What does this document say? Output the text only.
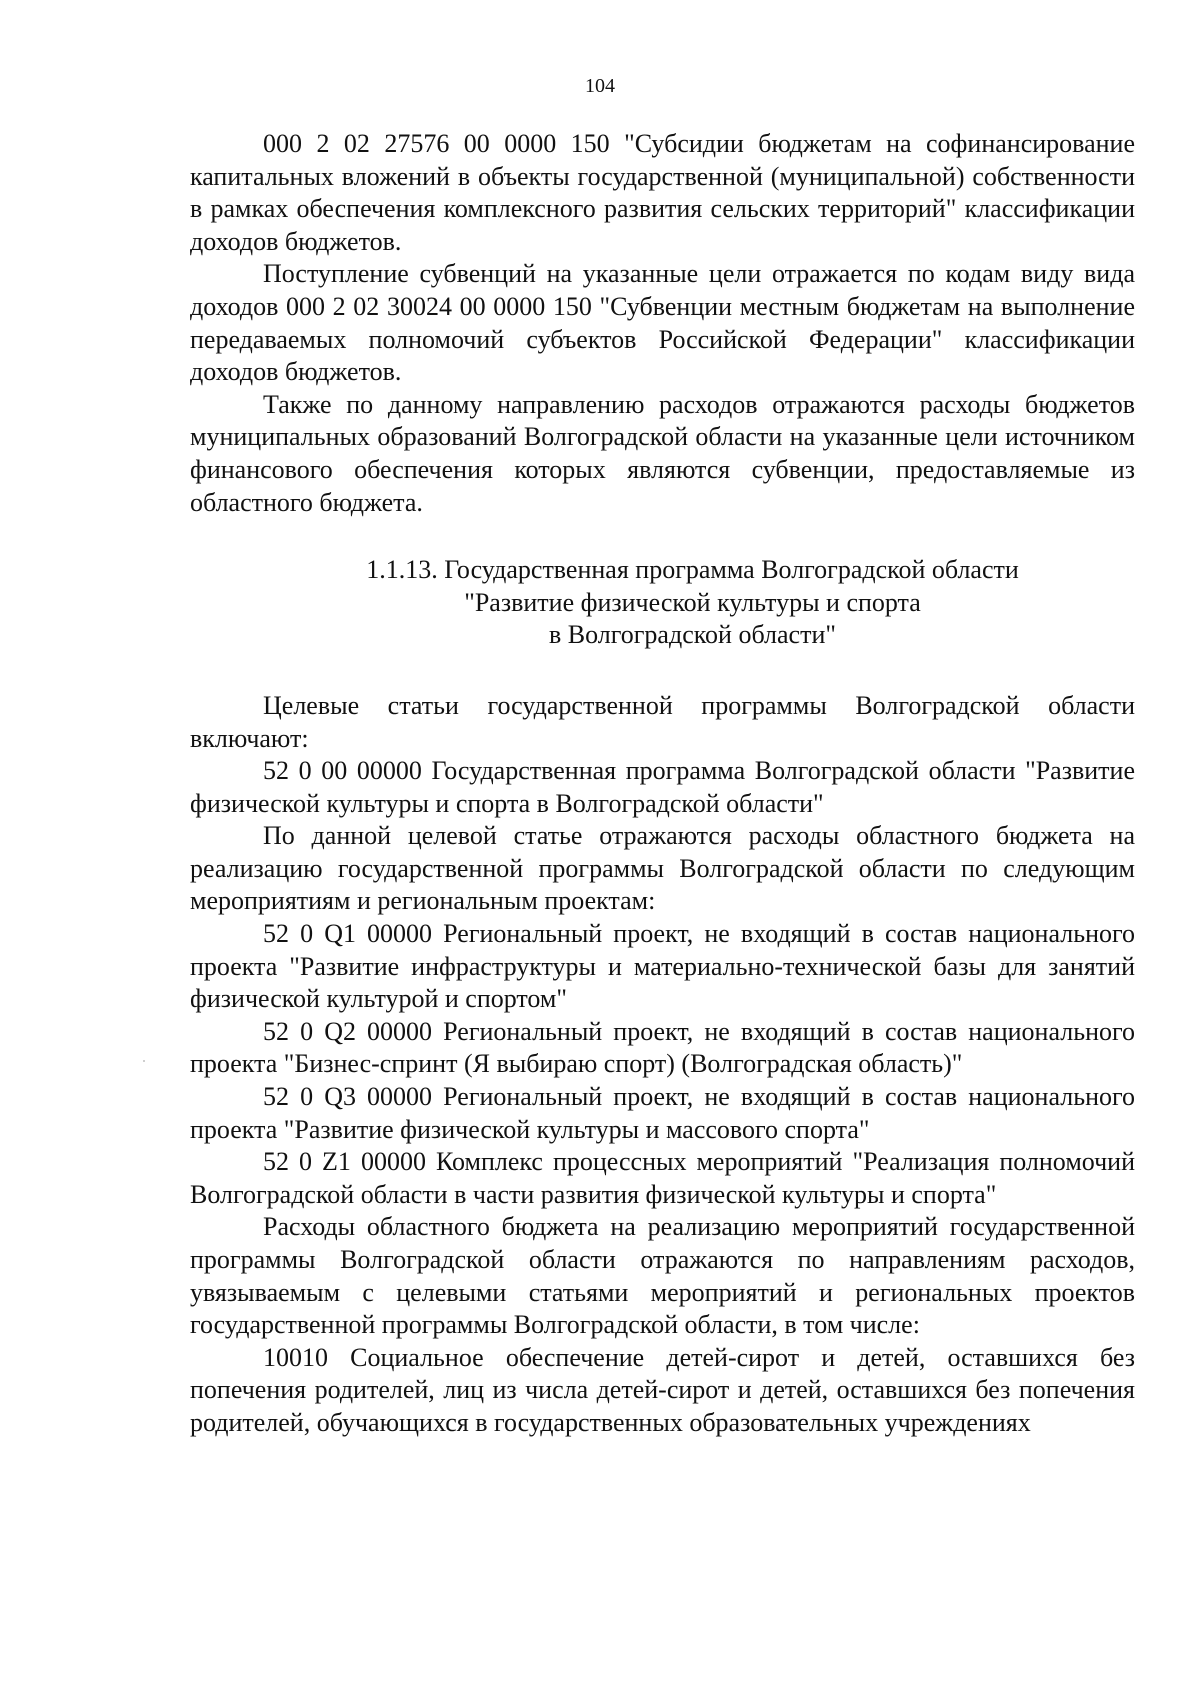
104

000 2 02 27576 00 0000 150 "Субсидии бюджетам на софинансирование капитальных вложений в объекты государственной (муниципальной) собственности в рамках обеспечения комплексного развития сельских территорий" классификации доходов бюджетов.

Поступление субвенций на указанные цели отражается по кодам виду вида доходов 000 2 02 30024 00 0000 150 "Субвенции местным бюджетам на выполнение передаваемых полномочий субъектов Российской Федерации" классификации доходов бюджетов.

Также по данному направлению расходов отражаются расходы бюджетов муниципальных образований Волгоградской области на указанные цели источником финансового обеспечения которых являются субвенции, предоставляемые из областного бюджета.

1.1.13. Государственная программа Волгоградской области
"Развитие физической культуры и спорта
в Волгоградской области"

Целевые статьи государственной программы Волгоградской области включают:

52 0 00 00000 Государственная программа Волгоградской области "Развитие физической культуры и спорта в Волгоградской области"

По данной целевой статье отражаются расходы областного бюджета на реализацию государственной программы Волгоградской области по следующим мероприятиям и региональным проектам:

52 0 Q1 00000 Региональный проект, не входящий в состав национального проекта "Развитие инфраструктуры и материально-технической базы для занятий физической культурой и спортом"

52 0 Q2 00000 Региональный проект, не входящий в состав национального проекта "Бизнес-спринт (Я выбираю спорт) (Волгоградская область)"

52 0 Q3 00000 Региональный проект, не входящий в состав национального проекта "Развитие физической культуры и массового спорта"

52 0 Z1 00000 Комплекс процессных мероприятий "Реализация полномочий Волгоградской области в части развития физической культуры и спорта"

Расходы областного бюджета на реализацию мероприятий государственной программы Волгоградской области отражаются по направлениям расходов, увязываемым с целевыми статьями мероприятий и региональных проектов государственной программы Волгоградской области, в том числе:

10010 Социальное обеспечение детей-сирот и детей, оставшихся без попечения родителей, лиц из числа детей-сирот и детей, оставшихся без попечения родителей, обучающихся в государственных образовательных учреждениях
